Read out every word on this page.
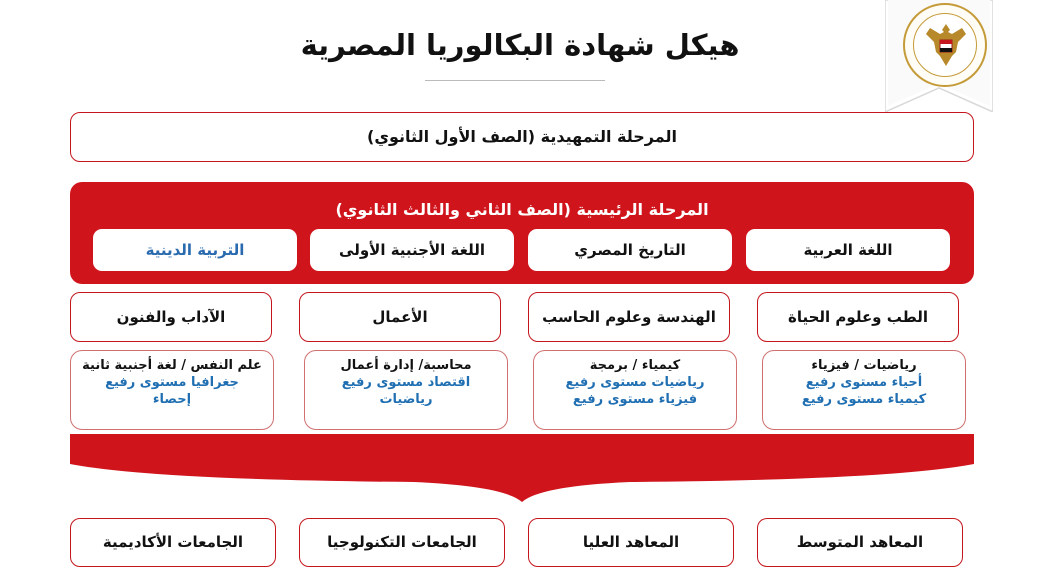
هيكل شهادة البكالوريا المصرية
المرحلة التمهيدية (الصف الأول الثانوي)
المرحلة الرئيسية (الصف الثاني والثالث الثانوي)
اللغة العربية
التاريخ المصري
اللغة الأجنبية الأولى
التربية الدينية
الطب وعلوم الحياة
الهندسة وعلوم الحاسب
الأعمال
الآداب والفنون
رياضيات / فيزياء
أحياء مستوى رفيع
كيمياء مستوى رفيع
كيمياء / برمجة
رياضيات مستوى رفيع
فيزياء مستوى رفيع
محاسبة/ إدارة أعمال
اقتصاد مستوى رفيع
رياضيات
علم النفس / لغة أجنبية ثانية
جغرافيا مستوى رفيع
إحصاء
المعاهد المتوسط
المعاهد العليا
الجامعات التكنولوجيا
الجامعات الأكاديمية
